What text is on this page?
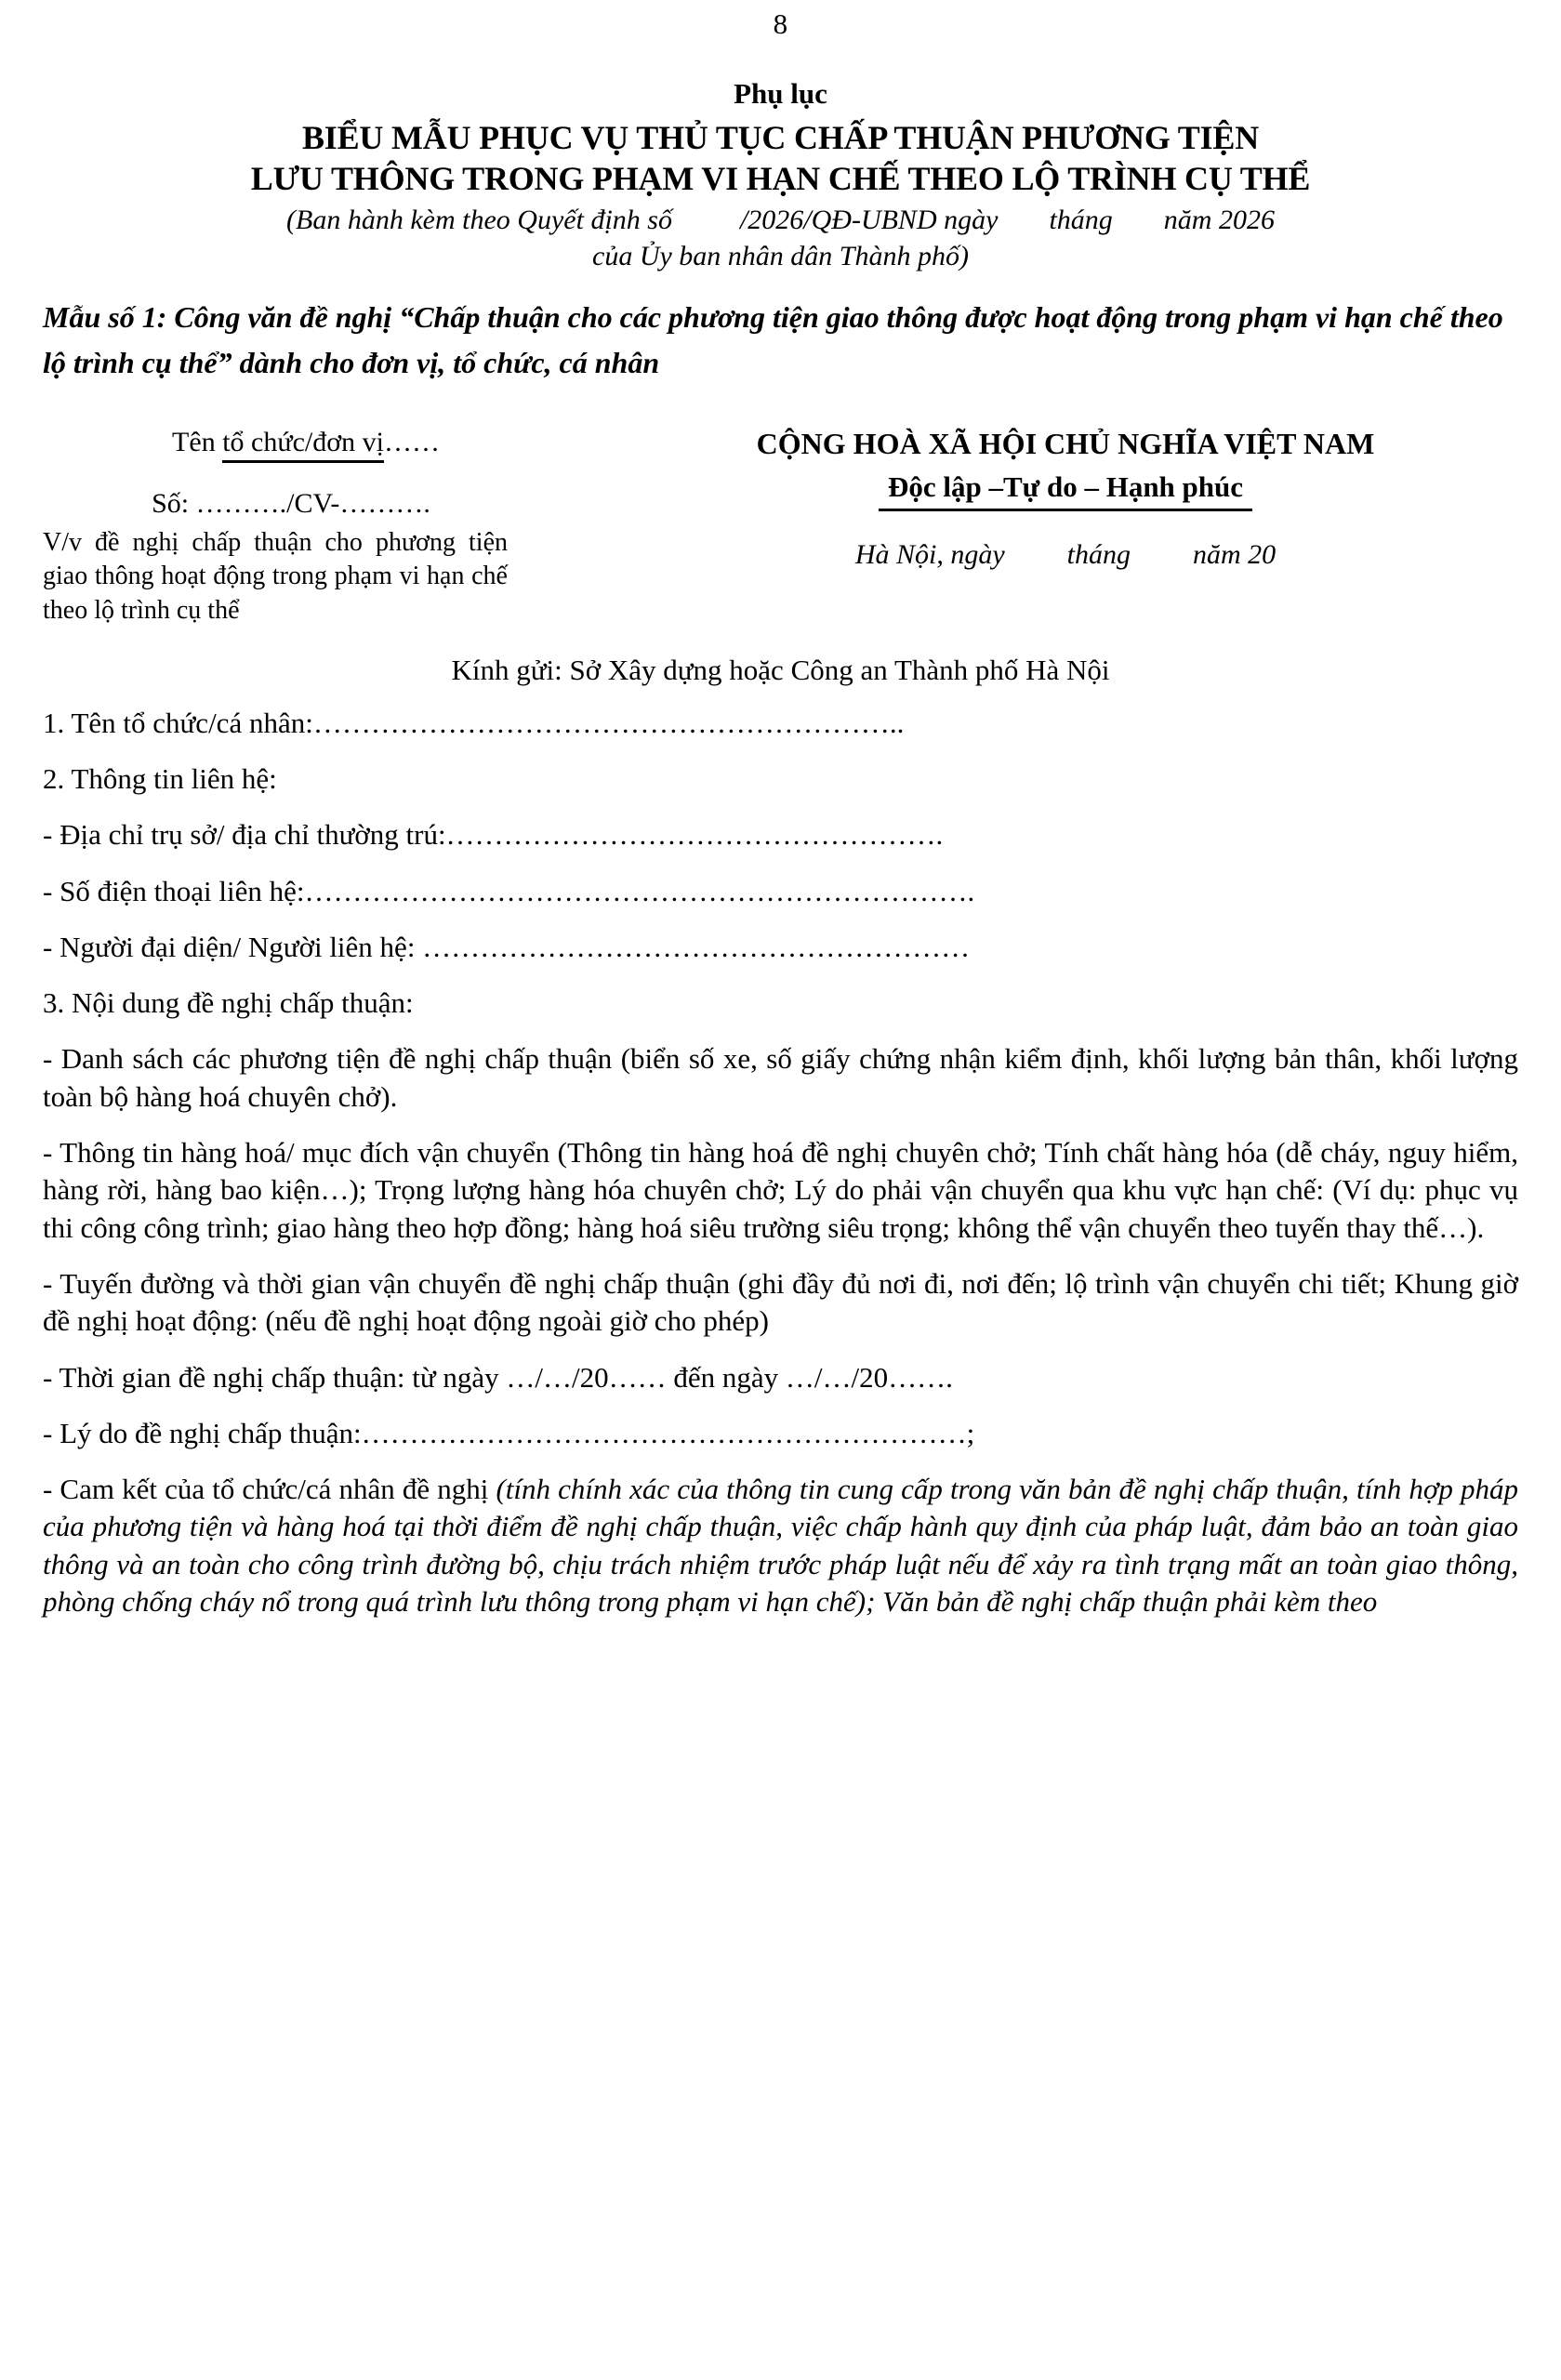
8
Phụ lục
BIỂU MẪU PHỤC VỤ THỦ TỤC CHẤP THUẬN PHƯƠNG TIỆN
LƯU THÔNG TRONG PHẠM VI HẠN CHẾ THEO LỘ TRÌNH CỤ THỂ
(Ban hành kèm theo Quyết định số /2026/QĐ-UBND ngày tháng năm 2026
của Ủy ban nhân dân Thành phố)
Mẫu số 1: Công văn đề nghị “Chấp thuận cho các phương tiện giao thông được hoạt động trong phạm vi hạn chế theo lộ trình cụ thể” dành cho đơn vị, tổ chức, cá nhân
Tên tổ chức/đơn vị……
Số: ………./CV-……….
V/v đề nghị chấp thuận cho phương tiện giao thông hoạt động trong phạm vi hạn chế theo lộ trình cụ thể
CỘNG HOÀ XÃ HỘI CHỦ NGHĨA VIỆT NAM
Độc lập –Tự do – Hạnh phúc
Hà Nội, ngày tháng năm 20
Kính gửi: Sở Xây dựng hoặc Công an Thành phố Hà Nội

1. Tên tổ chức/cá nhân:……………………………………………………..

2. Thông tin liên hệ:

- Địa chỉ trụ sở/ địa chỉ thường trú:…………………………………………….

- Số điện thoại liên hệ:…………………………………………………………….

- Người đại diện/ Người liên hệ: …………………………………………………

3. Nội dung đề nghị chấp thuận:

- Danh sách các phương tiện đề nghị chấp thuận (biển số xe, số giấy chứng nhận kiểm định, khối lượng bản thân, khối lượng toàn bộ hàng hoá chuyên chở).

- Thông tin hàng hoá/ mục đích vận chuyển (Thông tin hàng hoá đề nghị chuyên chở; Tính chất hàng hóa (dễ cháy, nguy hiểm, hàng rời, hàng bao kiện…); Trọng lượng hàng hóa chuyên chở; Lý do phải vận chuyển qua khu vực hạn chế: (Ví dụ: phục vụ thi công công trình; giao hàng theo hợp đồng; hàng hoá siêu trường siêu trọng; không thể vận chuyển theo tuyến thay thế…).

- Tuyến đường và thời gian vận chuyển đề nghị chấp thuận (ghi đầy đủ nơi đi, nơi đến; lộ trình vận chuyển chi tiết; Khung giờ đề nghị hoạt động: (nếu đề nghị hoạt động ngoài giờ cho phép)

- Thời gian đề nghị chấp thuận: từ ngày …/…/20…… đến ngày …/…/20…….

- Lý do đề nghị chấp thuận:………………………………………………………;

- Cam kết của tổ chức/cá nhân đề nghị (tính chính xác của thông tin cung cấp trong văn bản đề nghị chấp thuận, tính hợp pháp của phương tiện và hàng hoá tại thời điểm đề nghị chấp thuận, việc chấp hành quy định của pháp luật, đảm bảo an toàn giao thông và an toàn cho công trình đường bộ, chịu trách nhiệm trước pháp luật nếu để xảy ra tình trạng mất an toàn giao thông, phòng chống cháy nổ trong quá trình lưu thông trong phạm vi hạn chế); Văn bản đề nghị chấp thuận phải kèm theo
